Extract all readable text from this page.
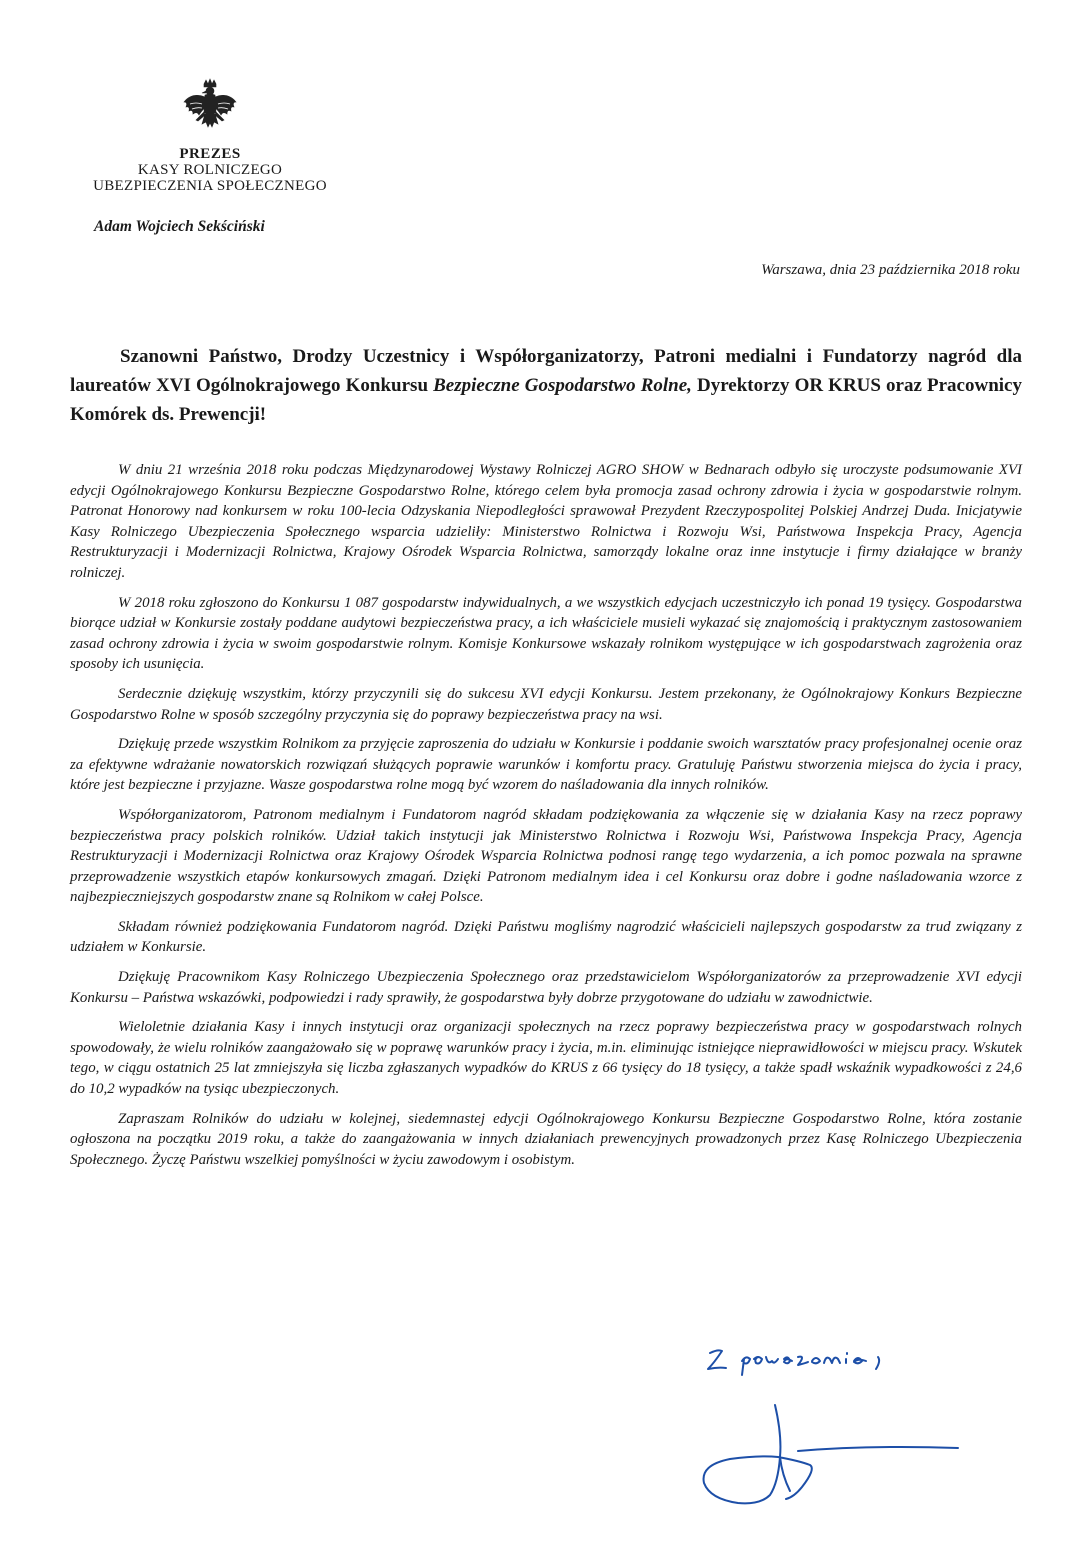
PREZES
KASY ROLNICZEGO
UBEZPIECZENIA SPOŁECZNEGO
Adam Wojciech Sekściński
Warszawa, dnia 23 października 2018 roku

Szanowni Państwo, Drodzy Uczestnicy i Współorganizatorzy, Patroni medialni i Fundatorzy nagród dla laureatów XVI Ogólnokrajowego Konkursu Bezpieczne Gospodarstwo Rolne, Dyrektorzy OR KRUS oraz Pracownicy Komórek ds. Prewencji!

W dniu 21 września 2018 roku podczas Międzynarodowej Wystawy Rolniczej AGRO SHOW w Bednarach odbyło się uroczyste podsumowanie XVI edycji Ogólnokrajowego Konkursu Bezpieczne Gospodarstwo Rolne, którego celem była promocja zasad ochrony zdrowia i życia w gospodarstwie rolnym. Patronat Honorowy nad konkursem w roku 100-lecia Odzyskania Niepodległości sprawował Prezydent Rzeczypospolitej Polskiej Andrzej Duda. Inicjatywie Kasy Rolniczego Ubezpieczenia Społecznego wsparcia udzieliły: Ministerstwo Rolnictwa i Rozwoju Wsi, Państwowa Inspekcja Pracy, Agencja Restrukturyzacji i Modernizacji Rolnictwa, Krajowy Ośrodek Wsparcia Rolnictwa, samorządy lokalne oraz inne instytucje i firmy działające w branży rolniczej.

W 2018 roku zgłoszono do Konkursu 1 087 gospodarstw indywidualnych, a we wszystkich edycjach uczestniczyło ich ponad 19 tysięcy. Gospodarstwa biorące udział w Konkursie zostały poddane audytowi bezpieczeństwa pracy, a ich właściciele musieli wykazać się znajomością i praktycznym zastosowaniem zasad ochrony zdrowia i życia w swoim gospodarstwie rolnym. Komisje Konkursowe wskazały rolnikom występujące w ich gospodarstwach zagrożenia oraz sposoby ich usunięcia.

Serdecznie dziękuję wszystkim, którzy przyczynili się do sukcesu XVI edycji Konkursu. Jestem przekonany, że Ogólnokrajowy Konkurs Bezpieczne Gospodarstwo Rolne w sposób szczególny przyczynia się do poprawy bezpieczeństwa pracy na wsi.

Dziękuję przede wszystkim Rolnikom za przyjęcie zaproszenia do udziału w Konkursie i poddanie swoich warsztatów pracy profesjonalnej ocenie oraz za efektywne wdrażanie nowatorskich rozwiązań służących poprawie warunków i komfortu pracy. Gratuluję Państwu stworzenia miejsca do życia i pracy, które jest bezpieczne i przyjazne. Wasze gospodarstwa rolne mogą być wzorem do naśladowania dla innych rolników.

Współorganizatorom, Patronom medialnym i Fundatorom nagród składam podziękowania za włączenie się w działania Kasy na rzecz poprawy bezpieczeństwa pracy polskich rolników. Udział takich instytucji jak Ministerstwo Rolnictwa i Rozwoju Wsi, Państwowa Inspekcja Pracy, Agencja Restrukturyzacji i Modernizacji Rolnictwa oraz Krajowy Ośrodek Wsparcia Rolnictwa podnosi rangę tego wydarzenia, a ich pomoc pozwala na sprawne przeprowadzenie wszystkich etapów konkursowych zmagań. Dzięki Patronom medialnym idea i cel Konkursu oraz dobre i godne naśladowania wzorce z najbezpieczniejszych gospodarstw znane są Rolnikom w całej Polsce.

Składam również podziękowania Fundatorom nagród. Dzięki Państwu mogliśmy nagrodzić właścicieli najlepszych gospodarstw za trud związany z udziałem w Konkursie.

Dziękuję Pracownikom Kasy Rolniczego Ubezpieczenia Społecznego oraz przedstawicielom Współorganizatorów za przeprowadzenie XVI edycji Konkursu – Państwa wskazówki, podpowiedzi i rady sprawiły, że gospodarstwa były dobrze przygotowane do udziału w zawodnictwie.

Wieloletnie działania Kasy i innych instytucji oraz organizacji społecznych na rzecz poprawy bezpieczeństwa pracy w gospodarstwach rolnych spowodowały, że wielu rolników zaangażowało się w poprawę warunków pracy i życia, m.in. eliminując istniejące nieprawidłowości w miejscu pracy. Wskutek tego, w ciągu ostatnich 25 lat zmniejszyła się liczba zgłaszanych wypadków do KRUS z 66 tysięcy do 18 tysięcy, a także spadł wskaźnik wypadkowości z 24,6 do 10,2 wypadków na tysiąc ubezpieczonych.

Zapraszam Rolników do udziału w kolejnej, siedemnastej edycji Ogólnokrajowego Konkursu Bezpieczne Gospodarstwo Rolne, która zostanie ogłoszona na początku 2019 roku, a także do zaangażowania w innych działaniach prewencyjnych prowadzonych przez Kasę Rolniczego Ubezpieczenia Społecznego. Życzę Państwu wszelkiej pomyślności w życiu zawodowym i osobistym.
